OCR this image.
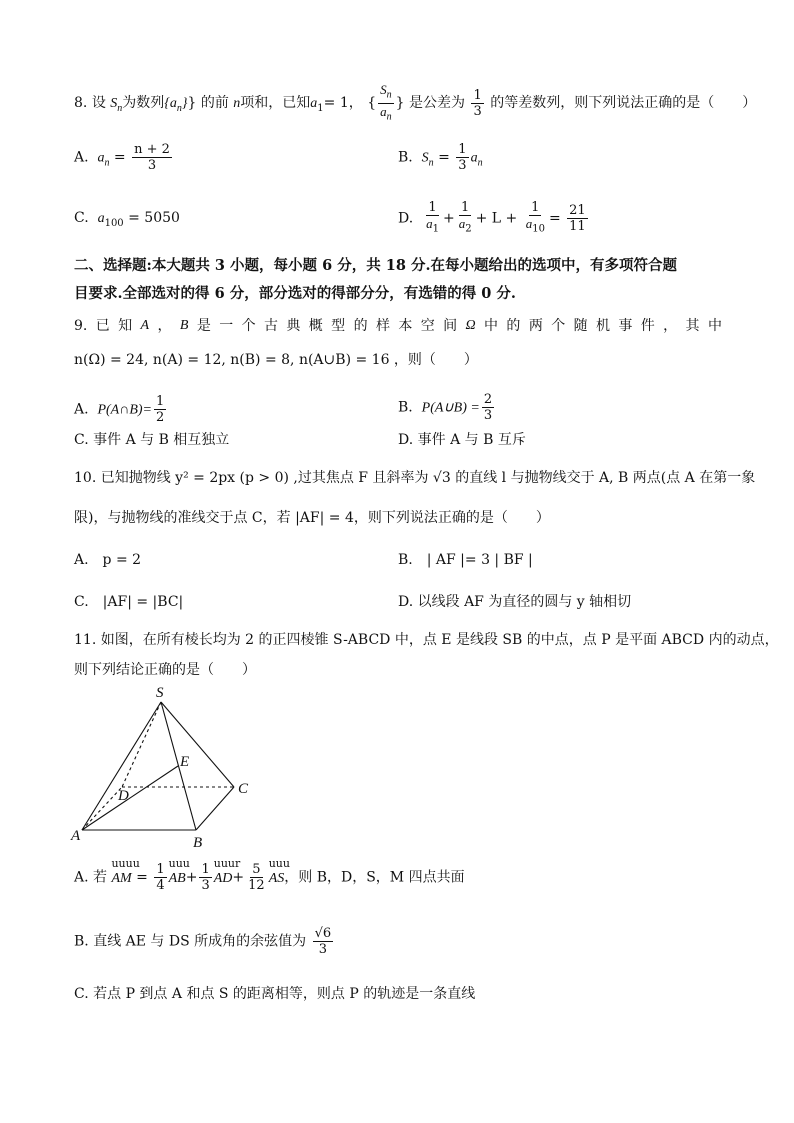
8. 设 $S_n$为数列$\{a_n\}$} 的前 n项和，已知$a_1= 1$， { $\frac{S_n}{a_n}$ } 是公差为 $\frac{1}{3}$ 的等差数列，则下列说法正确的是（　　）
A. $a_n = \frac{n + 2}{3}$	B. $S_n = \frac{1}{3} a_n$
C. $a_{100} = 5050$	D. $\frac{1}{a_1} + \frac{1}{a_2} + L + \frac{1}{a_{10}} = \frac{21}{11}$
二、选择题:本大题共 3 小题，每小题 6 分，共 18 分.在每小题给出的选项中，有多项符合题
目要求.全部选对的得 6 分，部分选对的得部分分，有选错的得 0 分.
9. 已 知 A ， B 是 一 个 古 典 概 型 的 样 本 空 间 Ω 中 的 两 个 随 机 事 件 ， 其 中
n(Ω) = 24, n(A) = 12, n(B) = 8, n(A∪B) = 16 ，则（　　）
A. P(A∩B)= $\frac{1}{2}$	B. P(A∪B) = $\frac{2}{3}$
C. 事件 A 与 B 相互独立	D. 事件 A 与 B 互斥
10. 已知抛物线 y² = 2px (p > 0) ,过其焦点 F 且斜率为 √3 的直线 l 与抛物线交于 A, B 两点(点 A 在第一象
限)，与抛物线的准线交于点 C，若 |AF| = 4，则下列说法正确的是（　　）
A.　p = 2	B.　| AF |= 3 | BF |
C.　|AF| = |BC|	D. 以线段 AF 为直径的圆与 y 轴相切
11. 如图，在所有棱长均为 2 的正四棱锥 S-ABCD 中，点 E 是线段 SB 的中点，点 P 是平面 ABCD 内的动点，
则下列结论正确的是（　　）
S
E
D	C
A	B
A. 若
uuuu
AM = $\frac{1}{4}$ uuu
$AB+ \frac{1}{3}$ uuur
$AD+ \frac{5}{12}$ uuu
AS，则 B，D，S，M 四点共面
B. 直线 AE 与 DS 所成角的余弦值为 $\frac{√6}{3}$
C. 若点 P 到点 A 和点 S 的距离相等，则点 P 的轨迹是一条直线
